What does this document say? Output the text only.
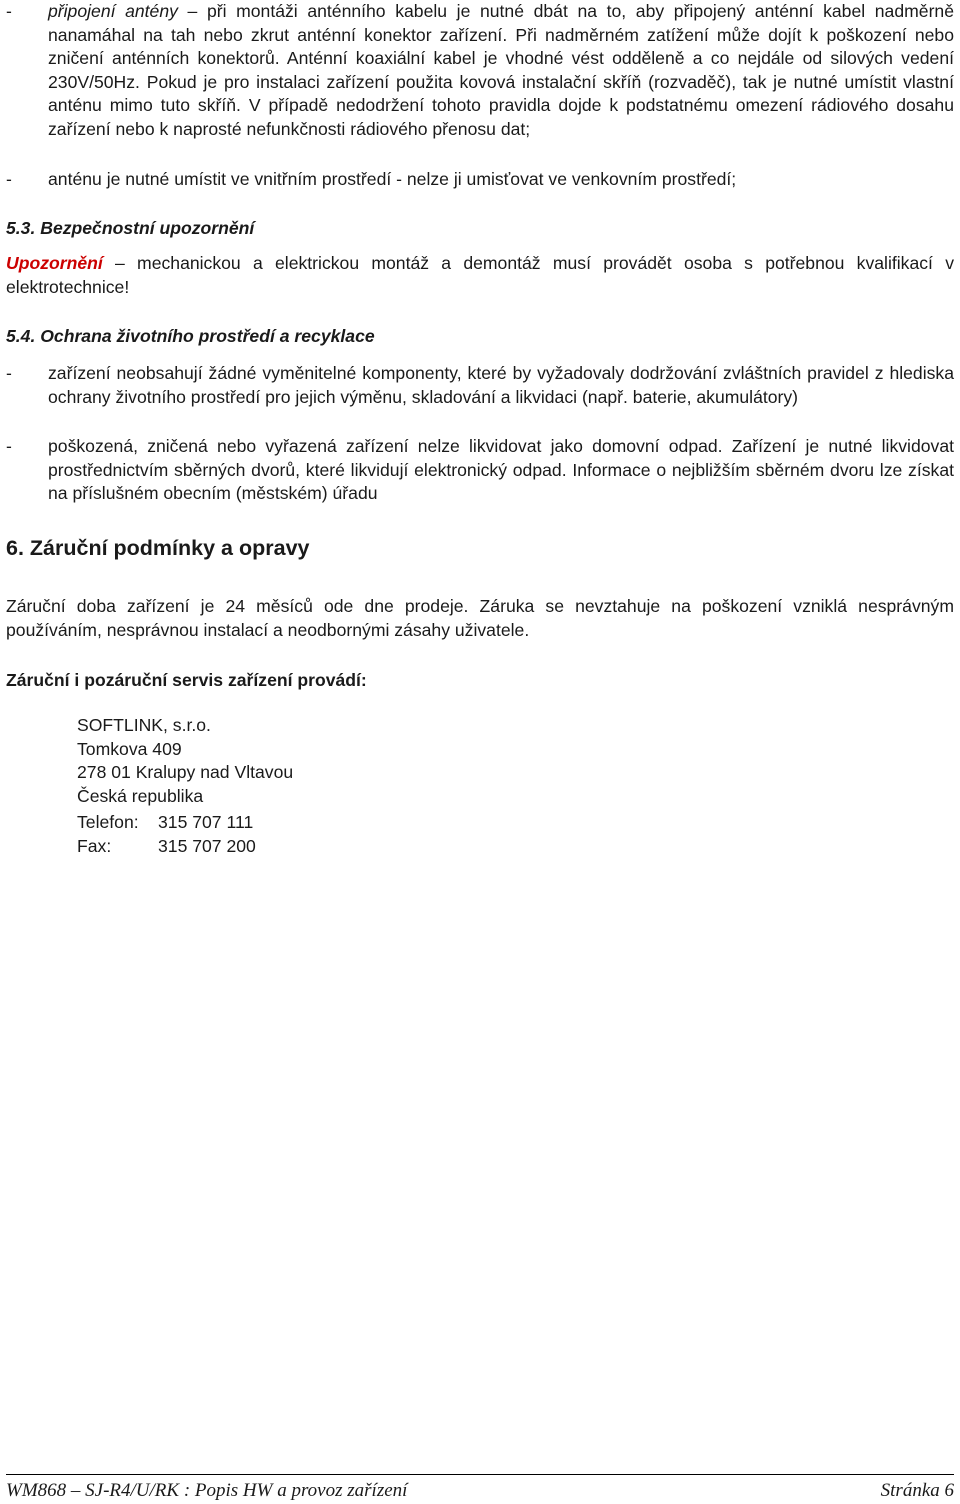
- připojení antény – při montáži anténního kabelu je nutné dbát na to, aby připojený anténní kabel nadměrně nanamáhal na tah nebo zkrut anténní konektor zařízení. Při nadměrném zatížení může dojít k poškození nebo zničení anténních konektorů. Anténní koaxiální kabel je vhodné vést odděleně a co nejdále od silových vedení 230V/50Hz. Pokud je pro instalaci zařízení použita kovová instalační skříň (rozvaděč), tak je nutné umístit vlastní anténu mimo tuto skříň. V případě nedodržení tohoto pravidla dojde k podstatnému omezení rádiového dosahu zařízení nebo k naprosté nefunkčnosti rádiového přenosu dat;
- anténu je nutné umístit ve vnitřním prostředí - nelze ji umisťovat ve venkovním prostředí;
5.3. Bezpečnostní upozornění
Upozornění – mechanickou a elektrickou montáž a demontáž musí provádět osoba s potřebnou kvalifikací v elektrotechnice!
5.4. Ochrana životního prostředí a recyklace
- zařízení neobsahují žádné vyměnitelné komponenty, které by vyžadovaly dodržování zvláštních pravidel z hlediska ochrany životního prostředí pro jejich výměnu, skladování a likvidaci (např. baterie, akumulátory)
- poškozená, zničená nebo vyřazená zařízení nelze likvidovat jako domovní odpad. Zařízení je nutné likvidovat prostřednictvím sběrných dvorů, které likvidují elektronický odpad. Informace o nejbližším sběrném dvoru lze získat na příslušném obecním (městském) úřadu
6. Záruční podmínky a opravy
Záruční doba zařízení je 24 měsíců ode dne prodeje. Záruka se nevztahuje na poškození vzniklá nesprávným používáním, nesprávnou instalací a neodbornými zásahy uživatele.
Záruční i pozáruční servis zařízení provádí:
SOFTLINK, s.r.o.
Tomkova 409
278 01 Kralupy nad Vltavou
Česká republika
Telefon: 315 707 111
Fax:	315 707 200
WM868 – SJ-R4/U/RK : Popis HW a provoz zařízení	Stránka 6
